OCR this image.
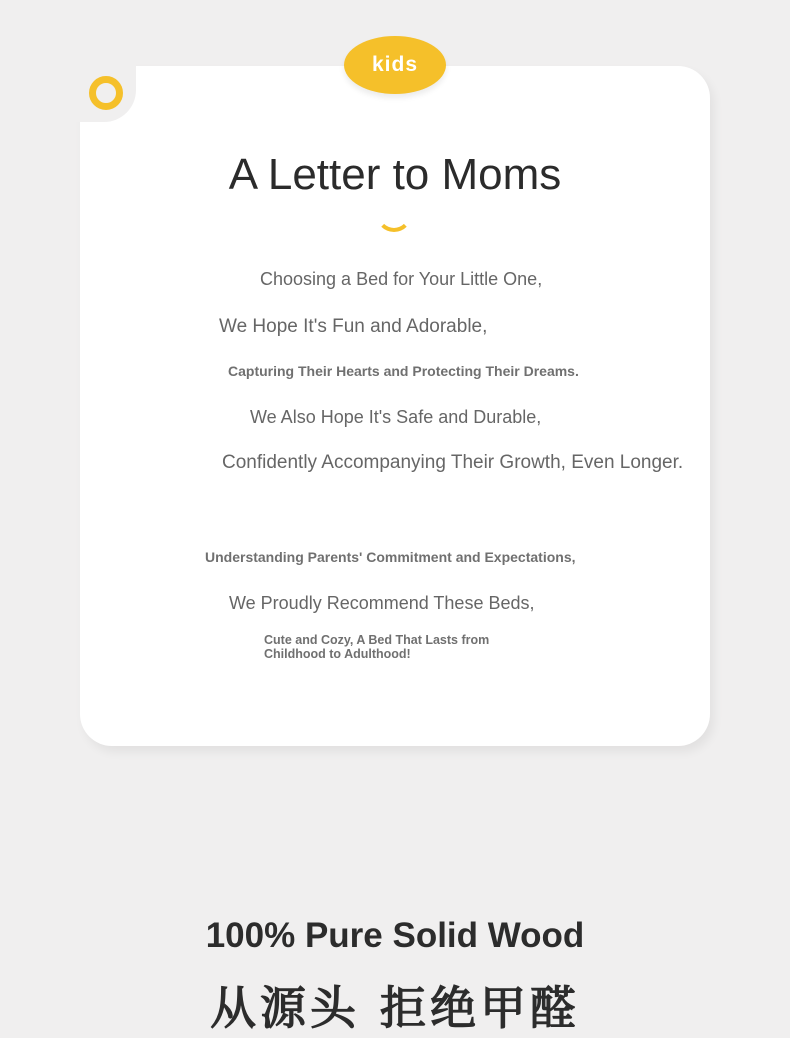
kids
A Letter to Moms
Choosing a Bed for Your Little One,
We Hope It's Fun and Adorable,
Capturing Their Hearts and Protecting Their Dreams.
We Also Hope It's Safe and Durable,
Confidently Accompanying Their Growth, Even Longer.
Understanding Parents' Commitment and Expectations,
We Proudly Recommend These Beds,
Cute and Cozy, A Bed That Lasts from Childhood to Adulthood!
100% Pure Solid Wood
从源头 拒绝甲醛
